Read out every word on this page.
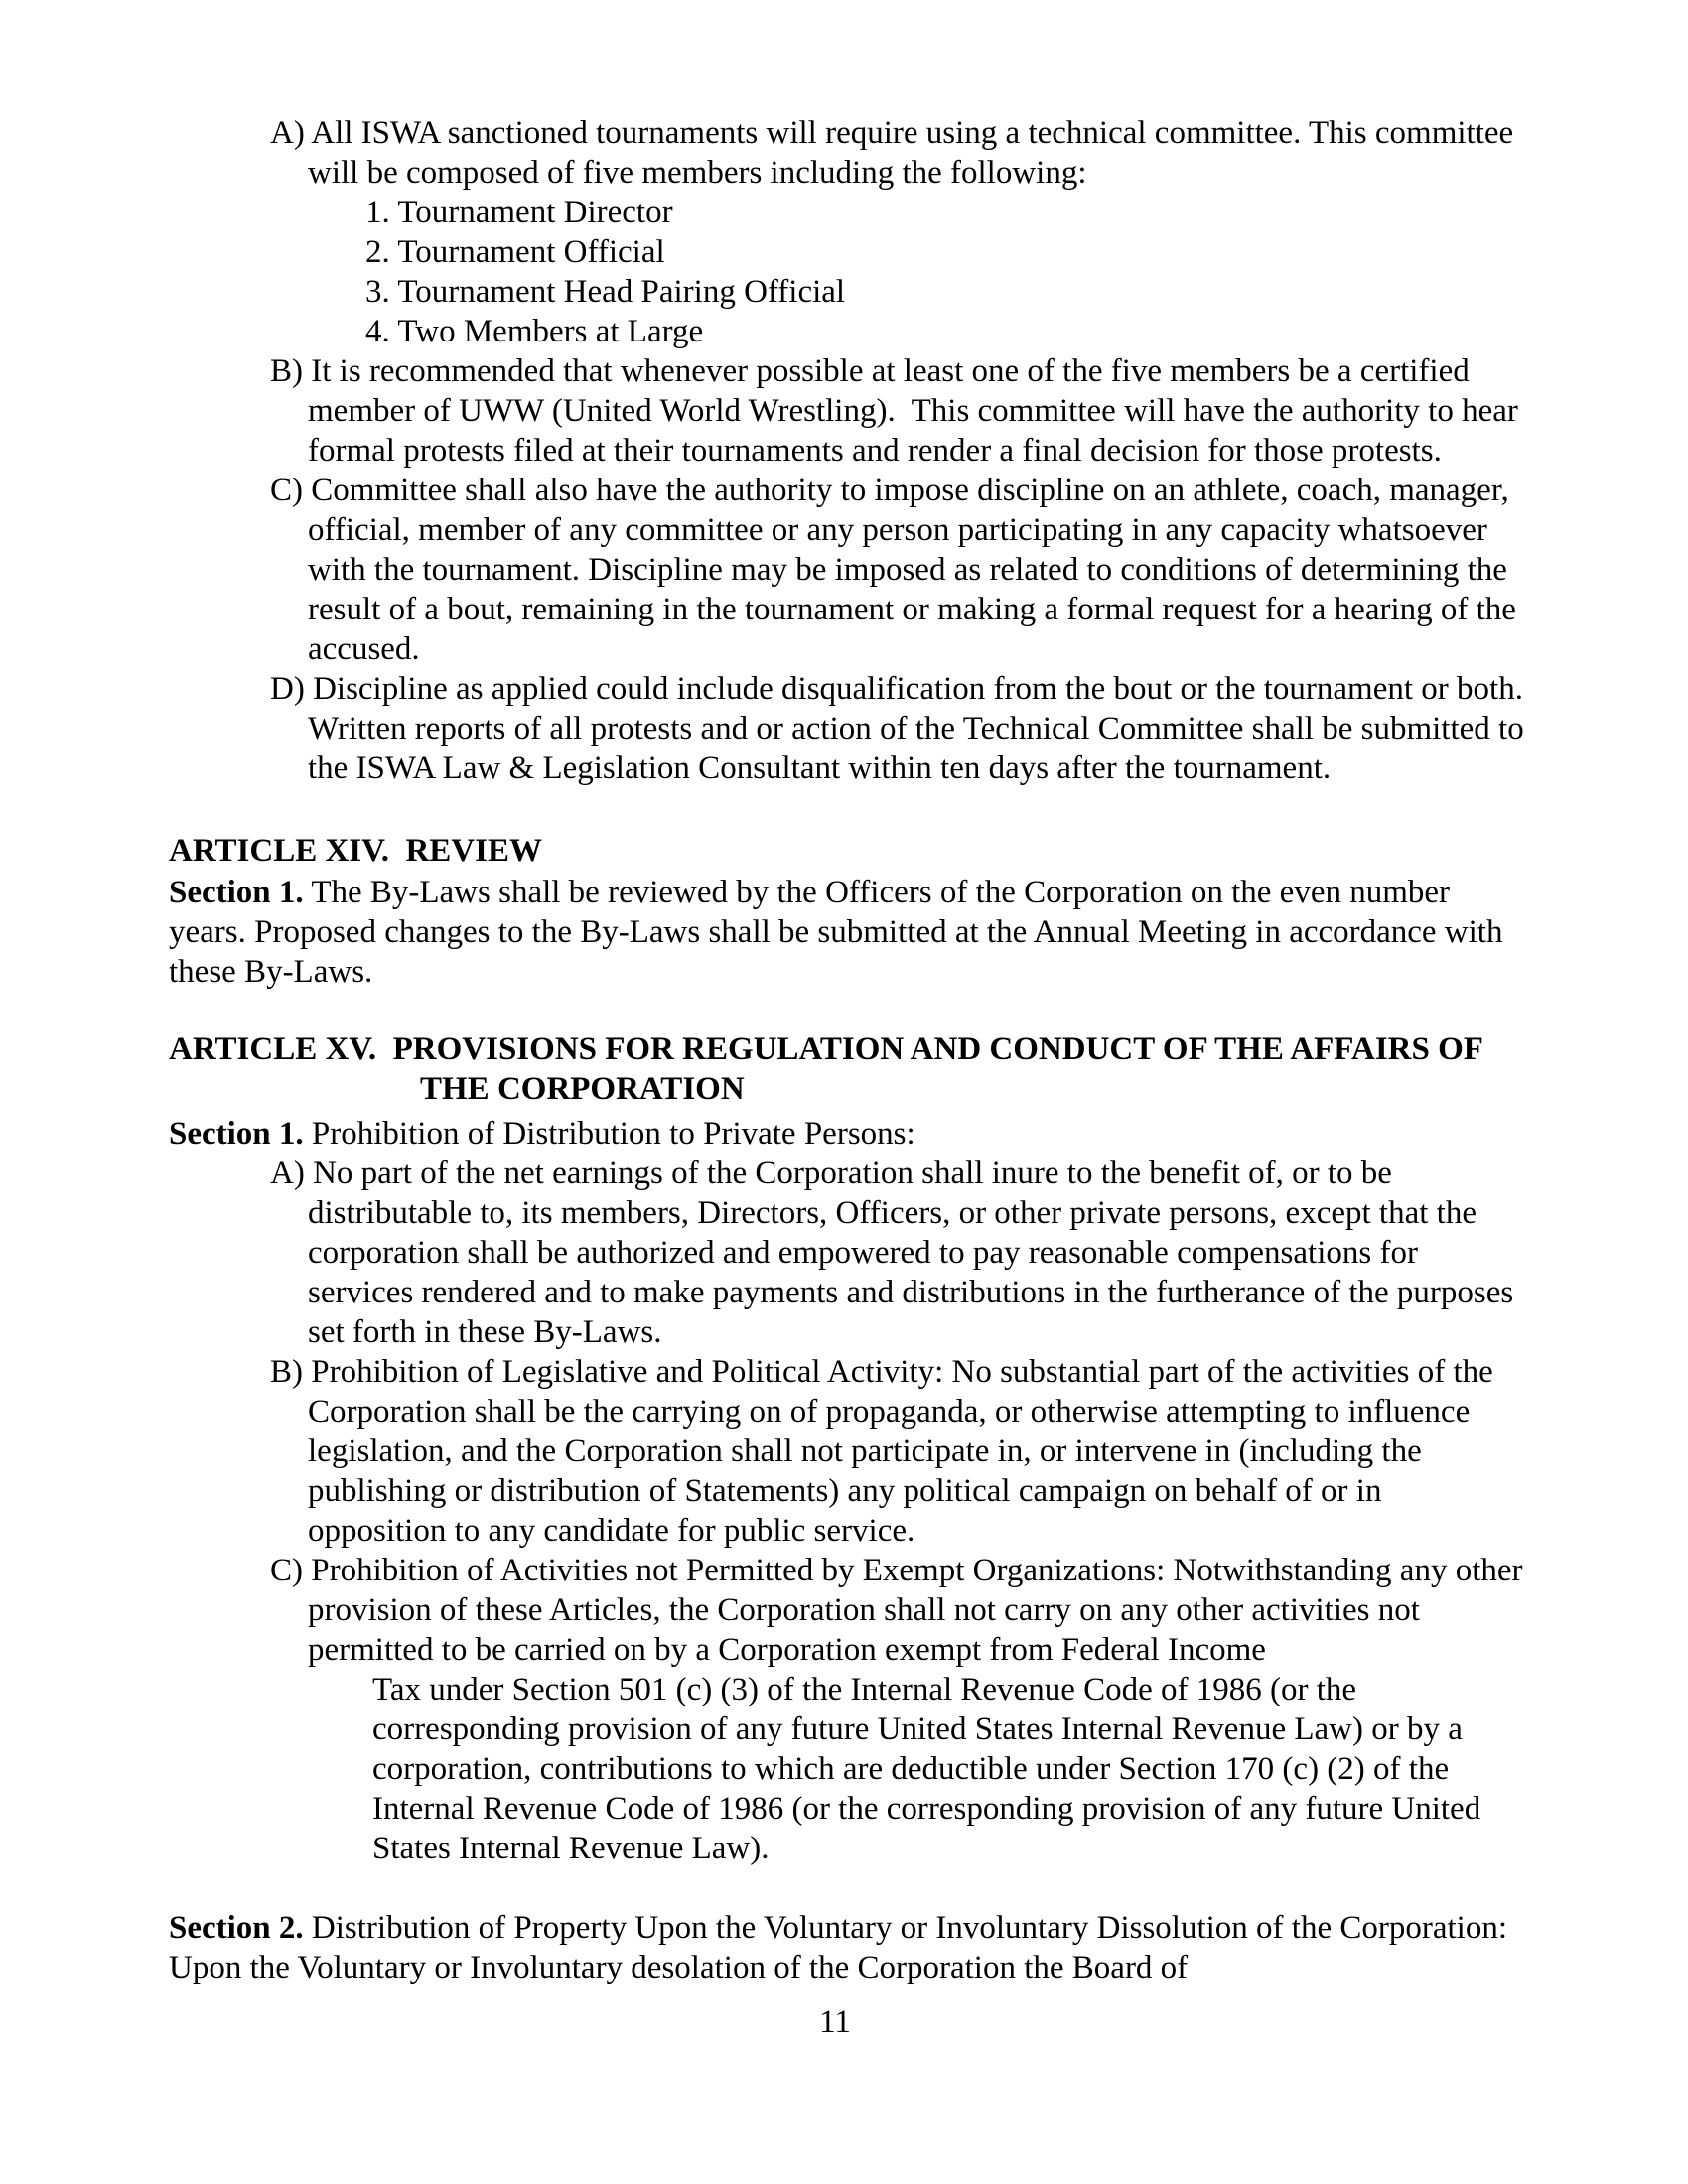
A) All ISWA sanctioned tournaments will require using a technical committee. This committee will be composed of five members including the following:
1. Tournament Director
2. Tournament Official
3. Tournament Head Pairing Official
4. Two Members at Large
B) It is recommended that whenever possible at least one of the five members be a certified member of UWW (United World Wrestling).  This committee will have the authority to hear formal protests filed at their tournaments and render a final decision for those protests.
C) Committee shall also have the authority to impose discipline on an athlete, coach, manager, official, member of any committee or any person participating in any capacity whatsoever with the tournament. Discipline may be imposed as related to conditions of determining the result of a bout, remaining in the tournament or making a formal request for a hearing of the accused.
D) Discipline as applied could include disqualification from the bout or the tournament or both. Written reports of all protests and or action of the Technical Committee shall be submitted to the ISWA Law & Legislation Consultant within ten days after the tournament.
ARTICLE XIV.  REVIEW
Section 1. The By-Laws shall be reviewed by the Officers of the Corporation on the even number years. Proposed changes to the By-Laws shall be submitted at the Annual Meeting in accordance with these By-Laws.
ARTICLE XV.  PROVISIONS FOR REGULATION AND CONDUCT OF THE AFFAIRS OF
THE CORPORATION
Section 1. Prohibition of Distribution to Private Persons:
A) No part of the net earnings of the Corporation shall inure to the benefit of, or to be distributable to, its members, Directors, Officers, or other private persons, except that the corporation shall be authorized and empowered to pay reasonable compensations for services rendered and to make payments and distributions in the furtherance of the purposes set forth in these By-Laws.
B) Prohibition of Legislative and Political Activity: No substantial part of the activities of the Corporation shall be the carrying on of propaganda, or otherwise attempting to influence legislation, and the Corporation shall not participate in, or intervene in (including the publishing or distribution of Statements) any political campaign on behalf of or in opposition to any candidate for public service.
C) Prohibition of Activities not Permitted by Exempt Organizations: Notwithstanding any other provision of these Articles, the Corporation shall not carry on any other activities not permitted to be carried on by a Corporation exempt from Federal Income
Tax under Section 501 (c) (3) of the Internal Revenue Code of 1986 (or the corresponding provision of any future United States Internal Revenue Law) or by a corporation, contributions to which are deductible under Section 170 (c) (2) of the Internal Revenue Code of 1986 (or the corresponding provision of any future United States Internal Revenue Law).
Section 2. Distribution of Property Upon the Voluntary or Involuntary Dissolution of the Corporation: Upon the Voluntary or Involuntary desolation of the Corporation the Board of
11
